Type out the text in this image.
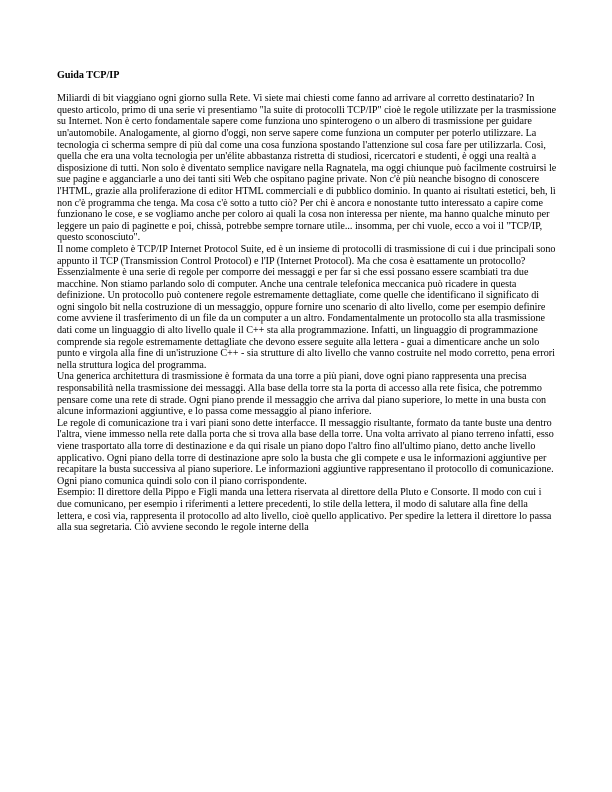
Guida TCP/IP

Miliardi di bit viaggiano ogni giorno sulla Rete. Vi siete mai chiesti come fanno ad arrivare al corretto destinatario? In questo articolo, primo di una serie vi presentiamo "la suite di protocolli TCP/IP" cioè le regole utilizzate per la trasmissione su Internet. Non è certo fondamentale sapere come funziona uno spinterogeno o un albero di trasmissione per guidare un'automobile. Analogamente, al giorno d'oggi, non serve sapere come funziona un computer per poterlo utilizzare. La tecnologia ci scherma sempre di più dal come una cosa funziona spostando l'attenzione sul cosa fare per utilizzarla. Così, quella che era una volta tecnologia per un'élite abbastanza ristretta di studiosi, ricercatori e studenti, è oggi una realtà a disposizione di tutti. Non solo è diventato semplice navigare nella Ragnatela, ma oggi chiunque può facilmente costruirsi le sue pagine e agganciarle a uno dei tanti siti Web che ospitano pagine private. Non c'è più neanche bisogno di conoscere l'HTML, grazie alla proliferazione di editor HTML commerciali e di pubblico dominio. In quanto ai risultati estetici, beh, lì non c'è programma che tenga. Ma cosa c'è sotto a tutto ciò? Per chi è ancora e nonostante tutto interessato a capire come funzionano le cose, e se vogliamo anche per coloro ai quali la cosa non interessa per niente, ma hanno qualche minuto per leggere un paio di paginette e poi, chissà, potrebbe sempre tornare utile... insomma, per chi vuole, ecco a voi il "TCP/IP, questo sconosciuto".

Il nome completo è TCP/IP Internet Protocol Suite, ed è un insieme di protocolli di trasmissione di cui i due principali sono appunto il TCP (Transmission Control Protocol) e l'IP (Internet Protocol). Ma che cosa è esattamente un protocollo? Essenzialmente è una serie di regole per comporre dei messaggi e per far sì che essi possano essere scambiati tra due macchine. Non stiamo parlando solo di computer. Anche una centrale telefonica meccanica può ricadere in questa definizione. Un protocollo può contenere regole estremamente dettagliate, come quelle che identificano il significato di ogni singolo bit nella costruzione di un messaggio, oppure fornire uno scenario di alto livello, come per esempio definire come avviene il trasferimento di un file da un computer a un altro. Fondamentalmente un protocollo sta alla trasmissione dati come un linguaggio di alto livello quale il C++ sta alla programmazione. Infatti, un linguaggio di programmazione comprende sia regole estremamente dettagliate che devono essere seguite alla lettera - guai a dimenticare anche un solo punto e virgola alla fine di un'istruzione C++ - sia strutture di alto livello che vanno costruite nel modo corretto, pena errori nella struttura logica del programma.

Una generica architettura di trasmissione è formata da una torre a più piani, dove ogni piano rappresenta una precisa responsabilità nella trasmissione dei messaggi. Alla base della torre sta la porta di accesso alla rete fisica, che potremmo pensare come una rete di strade. Ogni piano prende il messaggio che arriva dal piano superiore, lo mette in una busta con alcune informazioni aggiuntive, e lo passa come messaggio al piano inferiore.

Le regole di comunicazione tra i vari piani sono dette interfacce. Il messaggio risultante, formato da tante buste una dentro l'altra, viene immesso nella rete dalla porta che si trova alla base della torre. Una volta arrivato al piano terreno infatti, esso viene trasportato alla torre di destinazione e da qui risale un piano dopo l'altro fino all'ultimo piano, detto anche livello applicativo. Ogni piano della torre di destinazione apre solo la busta che gli compete e usa le informazioni aggiuntive per recapitare la busta successiva al piano superiore. Le informazioni aggiuntive rappresentano il protocollo di comunicazione. Ogni piano comunica quindi solo con il piano corrispondente.

Esempio: Il direttore della Pippo e Figli manda una lettera riservata al direttore della Pluto e Consorte. Il modo con cui i due comunicano, per esempio i riferimenti a lettere precedenti, lo stile della lettera, il modo di salutare alla fine della lettera, e così via, rappresenta il protocollo ad alto livello, cioè quello applicativo. Per spedire la lettera il direttore lo passa alla sua segretaria. Ciò avviene secondo le regole interne della
